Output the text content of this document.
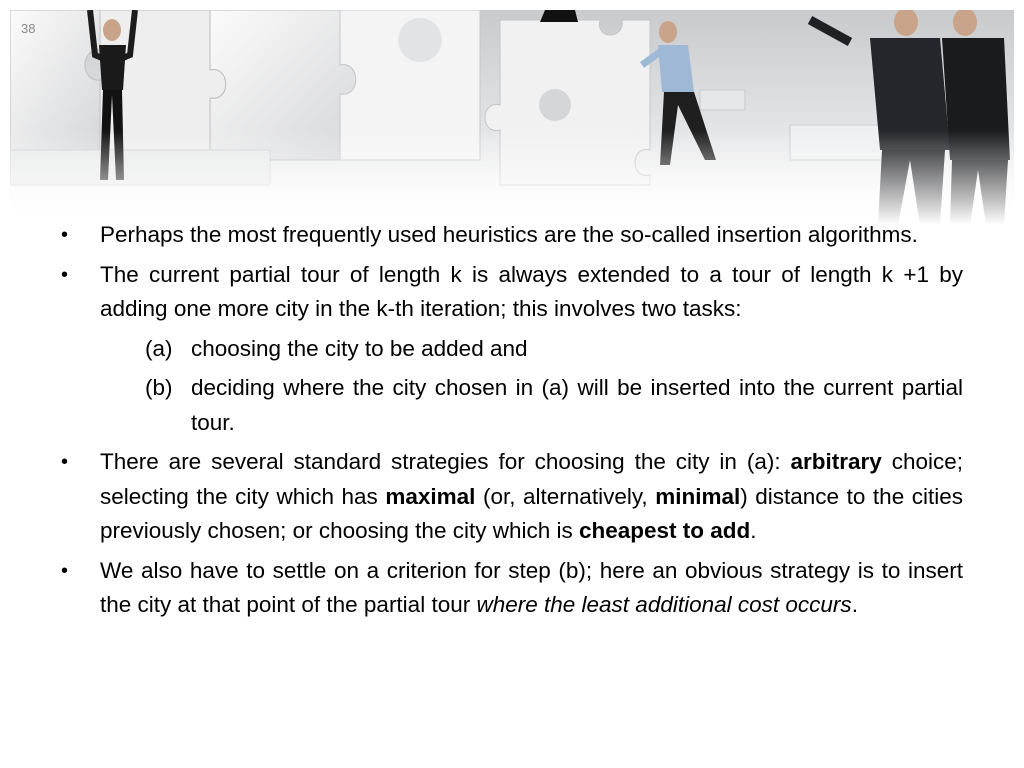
38
• Perhaps the most frequently used heuristics are the so-called insertion algorithms.
• The current partial tour of length k is always extended to a tour of length k +1 by adding one more city in the k-th iteration; this involves two tasks:
(a) choosing the city to be added and
(b) deciding where the city chosen in (a) will be inserted into the current partial tour.
• There are several standard strategies for choosing the city in (a): arbitrary choice; selecting the city which has maximal (or, alternatively, minimal) distance to the cities previously chosen; or choosing the city which is cheapest to add.
• We also have to settle on a criterion for step (b); here an obvious strategy is to insert the city at that point of the partial tour where the least additional cost occurs.
